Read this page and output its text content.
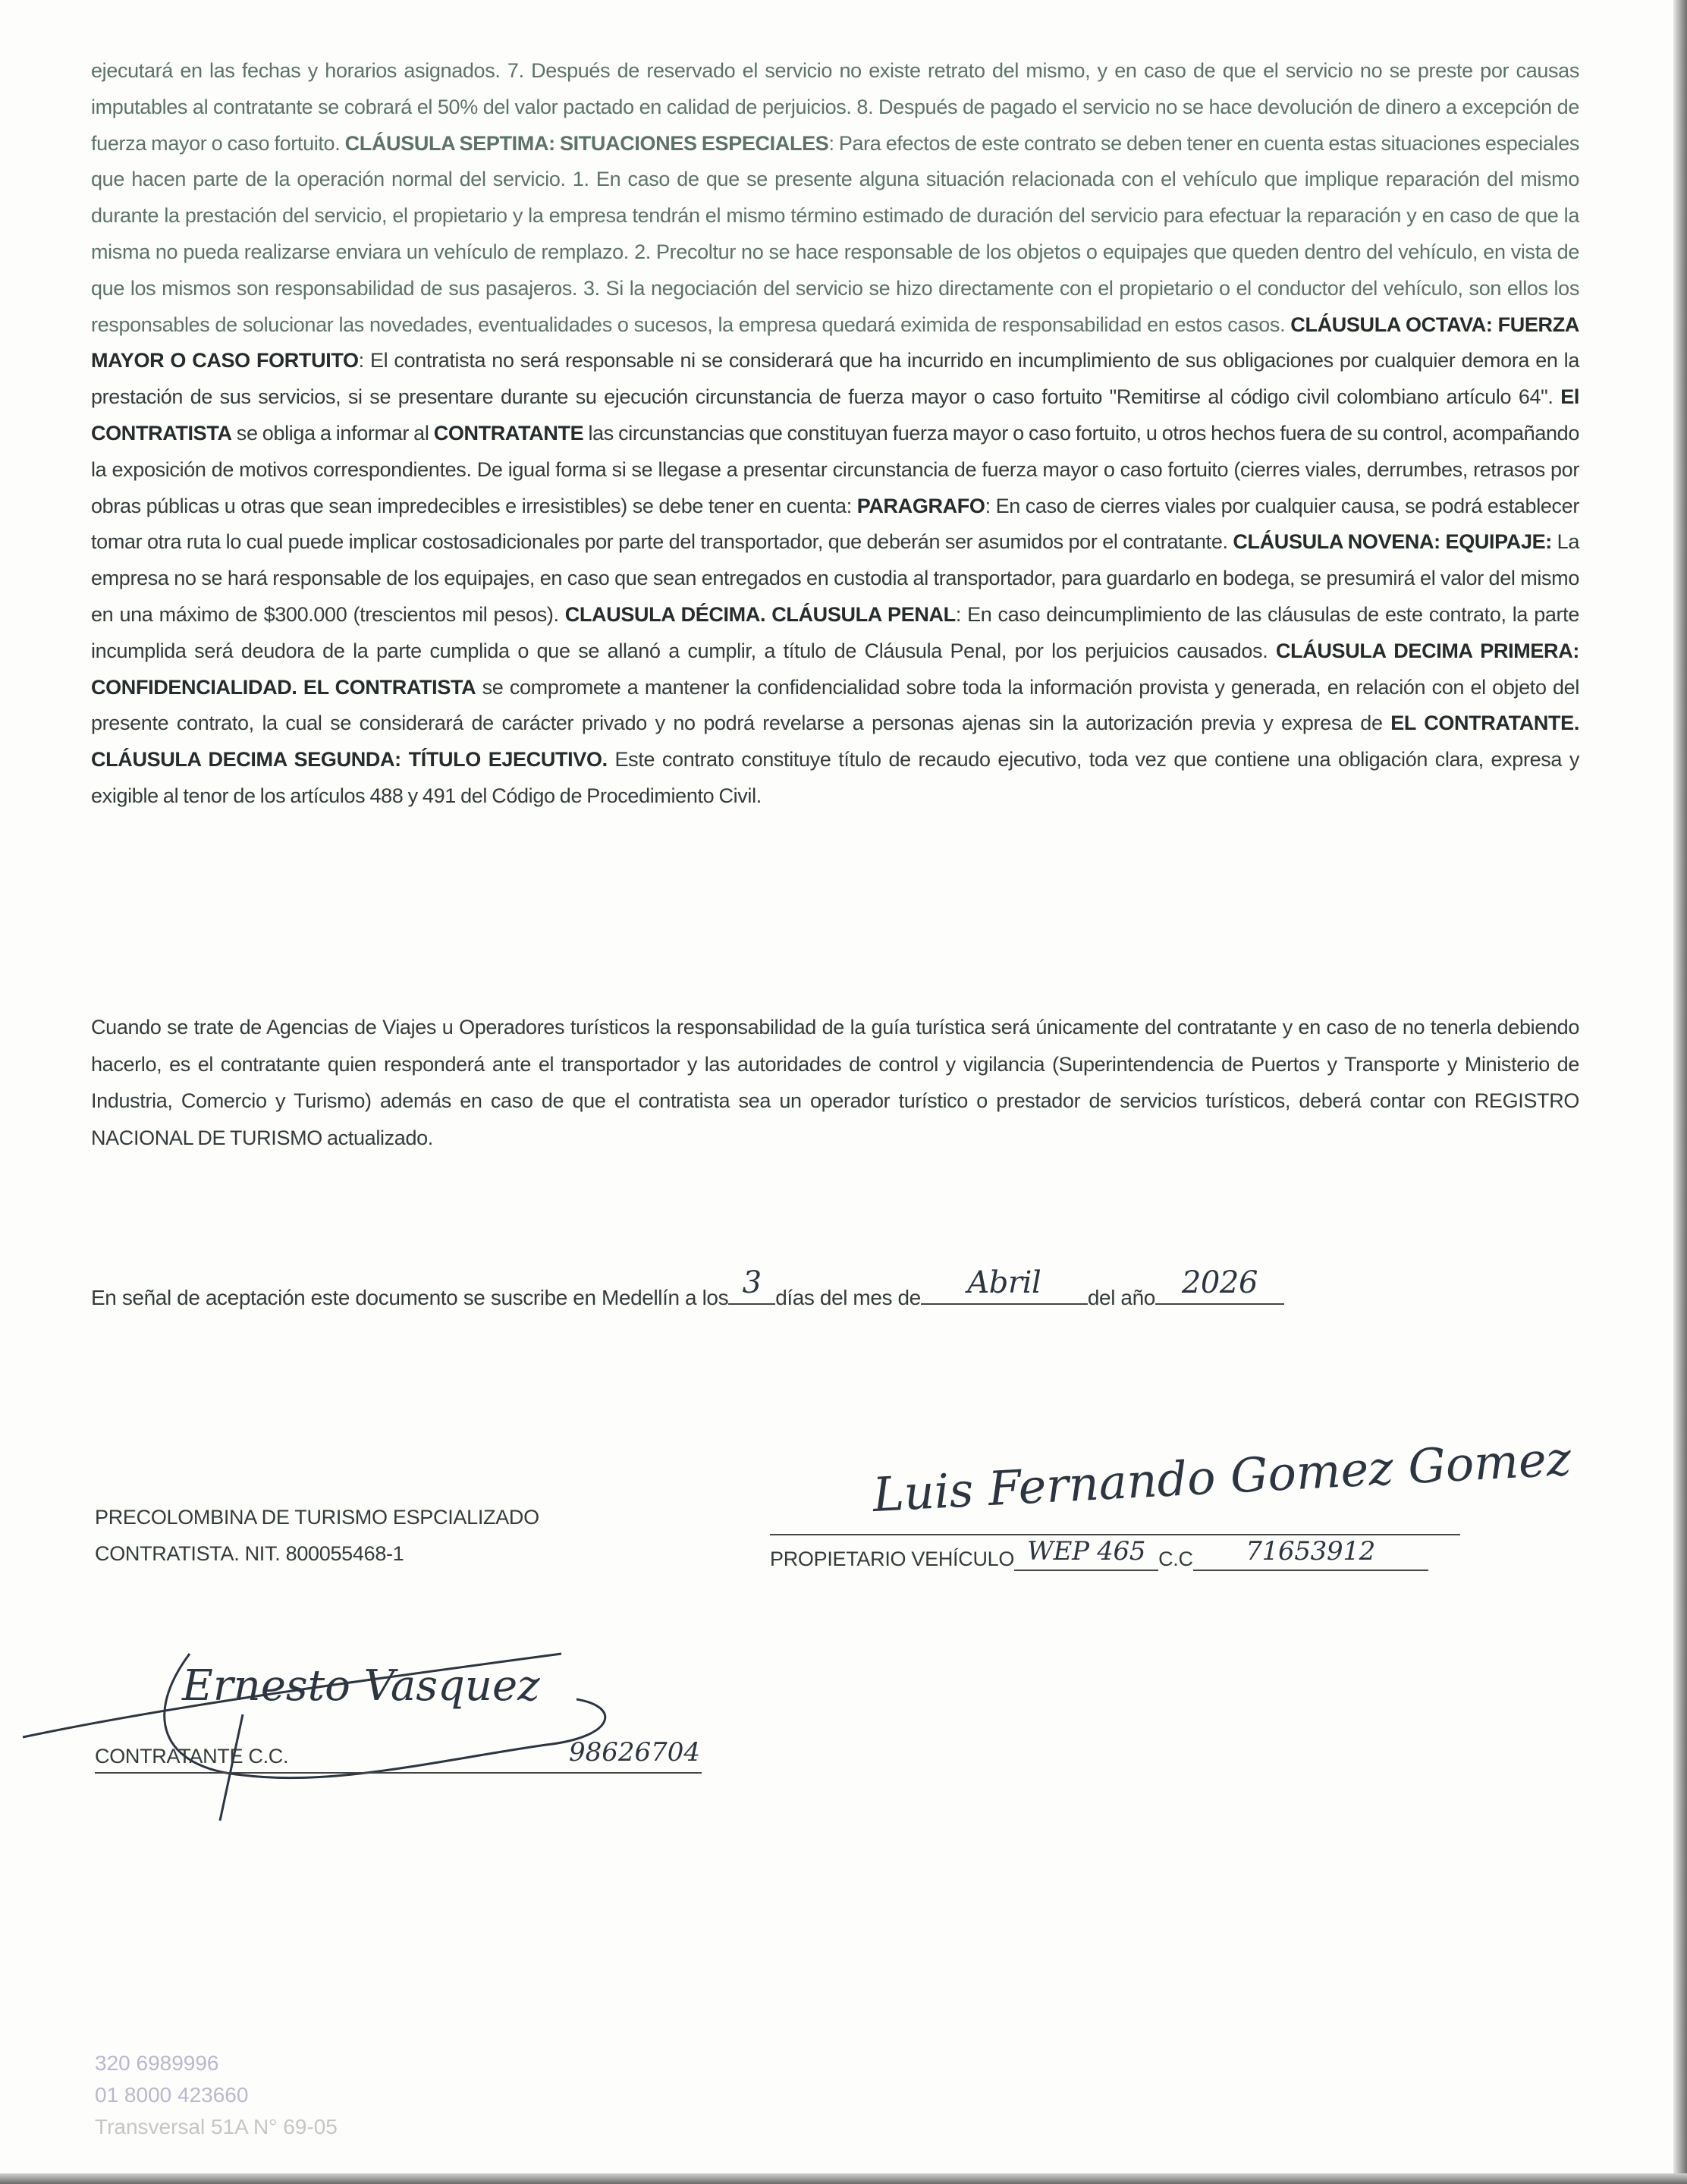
ejecutará en las fechas y horarios asignados. 7. Después de reservado el servicio no existe retrato del mismo, y en caso de que el servicio no se preste por causas imputables al contratante se cobrará el 50% del valor pactado en calidad de perjuicios. 8. Después de pagado el servicio no se hace devolución de dinero a excepción de fuerza mayor o caso fortuito. CLÁUSULA SEPTIMA: SITUACIONES ESPECIALES: Para efectos de este contrato se deben tener en cuenta estas situaciones especiales que hacen parte de la operación normal del servicio. 1. En caso de que se presente alguna situación relacionada con el vehículo que implique reparación del mismo durante la prestación del servicio, el propietario y la empresa tendrán el mismo término estimado de duración del servicio para efectuar la reparación y en caso de que la misma no pueda realizarse enviara un vehículo de remplazo. 2. Precoltur no se hace responsable de los objetos o equipajes que queden dentro del vehículo, en vista de que los mismos son responsabilidad de sus pasajeros. 3. Si la negociación del servicio se hizo directamente con el propietario o el conductor del vehículo, son ellos los responsables de solucionar las novedades, eventualidades o sucesos, la empresa quedará eximida de responsabilidad en estos casos. CLÁUSULA OCTAVA: FUERZA MAYOR O CASO FORTUITO: El contratista no será responsable ni se considerará que ha incurrido en incumplimiento de sus obligaciones por cualquier demora en la prestación de sus servicios, si se presentare durante su ejecución circunstancia de fuerza mayor o caso fortuito "Remitirse al código civil colombiano artículo 64". El CONTRATISTA se obliga a informar al CONTRATANTE las circunstancias que constituyan fuerza mayor o caso fortuito, u otros hechos fuera de su control, acompañando la exposición de motivos correspondientes. De igual forma si se llegase a presentar circunstancia de fuerza mayor o caso fortuito (cierres viales, derrumbes, retrasos por obras públicas u otras que sean impredecibles e irresistibles) se debe tener en cuenta: PARAGRAFO: En caso de cierres viales por cualquier causa, se podrá establecer tomar otra ruta lo cual puede implicar costosadicionales por parte del transportador, que deberán ser asumidos por el contratante. CLÁUSULA NOVENA: EQUIPAJE: La empresa no se hará responsable de los equipajes, en caso que sean entregados en custodia al transportador, para guardarlo en bodega, se presumirá el valor del mismo en una máximo de $300.000 (trescientos mil pesos). CLAUSULA DÉCIMA. CLÁUSULA PENAL: En caso deincumplimiento de las cláusulas de este contrato, la parte incumplida será deudora de la parte cumplida o que se allanó a cumplir, a título de Cláusula Penal, por los perjuicios causados. CLÁUSULA DECIMA PRIMERA: CONFIDENCIALIDAD. EL CONTRATISTA se compromete a mantener la confidencialidad sobre toda la información provista y generada, en relación con el objeto del presente contrato, la cual se considerará de carácter privado y no podrá revelarse a personas ajenas sin la autorización previa y expresa de EL CONTRATANTE. CLÁUSULA DECIMA SEGUNDA: TÍTULO EJECUTIVO. Este contrato constituye título de recaudo ejecutivo, toda vez que contiene una obligación clara, expresa y exigible al tenor de los artículos 488 y 491 del Código de Procedimiento Civil.
Cuando se trate de Agencias de Viajes u Operadores turísticos la responsabilidad de la guía turística será únicamente del contratante y en caso de no tenerla debiendo hacerlo, es el contratante quien responderá ante el transportador y las autoridades de control y vigilancia (Superintendencia de Puertos y Transporte y Ministerio de Industria, Comercio y Turismo) además en caso de que el contratista sea un operador turístico o prestador de servicios turísticos, deberá contar con REGISTRO NACIONAL DE TURISMO actualizado.
En señal de aceptación este documento se suscribe en Medellín a los 3 días del mes de	Abril	del año 2026
PRECOLOMBINA DE TURISMO ESPCIALIZADO
CONTRATISTA. NIT. 800055468-1
Luis Fernando Gomez Gomez
PROPIETARIO VEHÍCULO WEP 465 C.C	71653912
Ernesto Vasquez
CONTRATANTE C.C.	98626704
320 6989996
01 8000 423660
Transversal 51A N° 69-05
